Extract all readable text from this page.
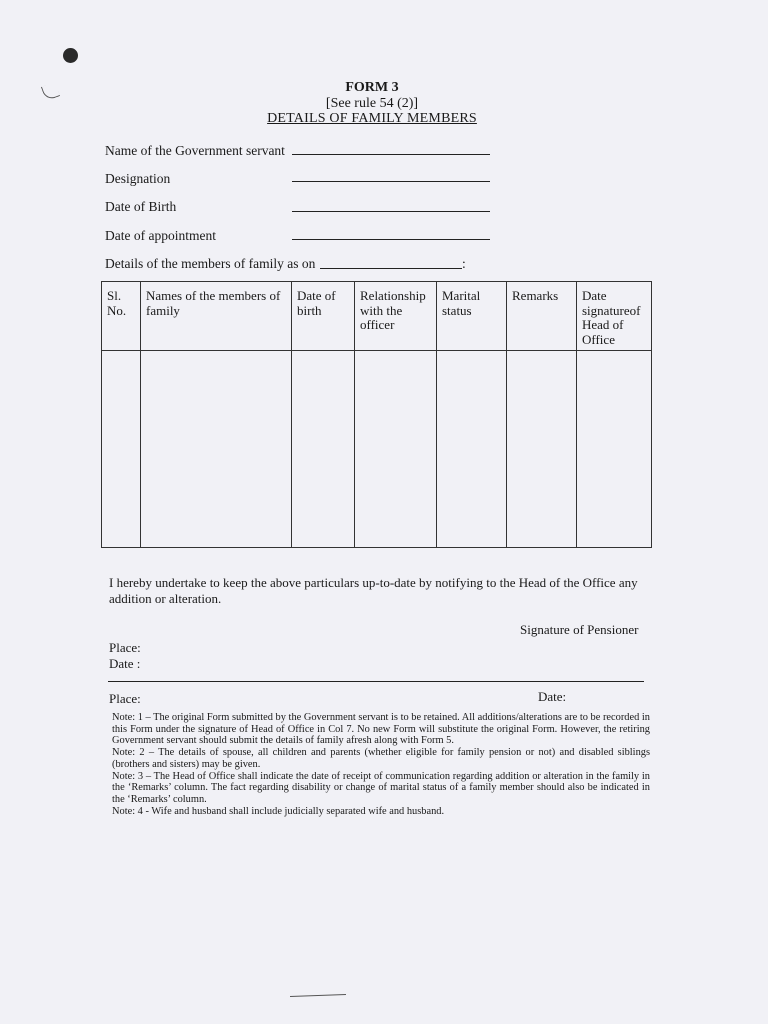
FORM 3
[See rule 54 (2)]
DETAILS OF FAMILY MEMBERS
Name of the Government servant
Designation
Date of Birth
Date of appointment
Details of the members of family as on	:
Sl. No.	Names of the members of family	Date of birth	Relationship with the officer	Marital status	Remarks	Date signatureof Head of Office

I hereby undertake to keep the above particulars up-to-date by notifying to the Head of the Office any addition or alteration.
Signature of Pensioner
Place:
Date :
Place:	Date:

Note: 1 – The original Form submitted by the Government servant is to be retained. All additions/alterations are to be recorded in this Form under the signature of Head of Office in Col 7. No new Form will substitute the original Form. However, the retiring Government servant should submit the details of family afresh along with Form 5.

Note: 2 – The details of spouse, all children and parents (whether eligible for family pension or not) and disabled siblings (brothers and sisters) may be given.

Note: 3 – The Head of Office shall indicate the date of receipt of communication regarding addition or alteration in the family in the ‘Remarks’ column. The fact regarding disability or change of marital status of a family member should also be indicated in the ‘Remarks’ column.

Note: 4 - Wife and husband shall include judicially separated wife and husband.
